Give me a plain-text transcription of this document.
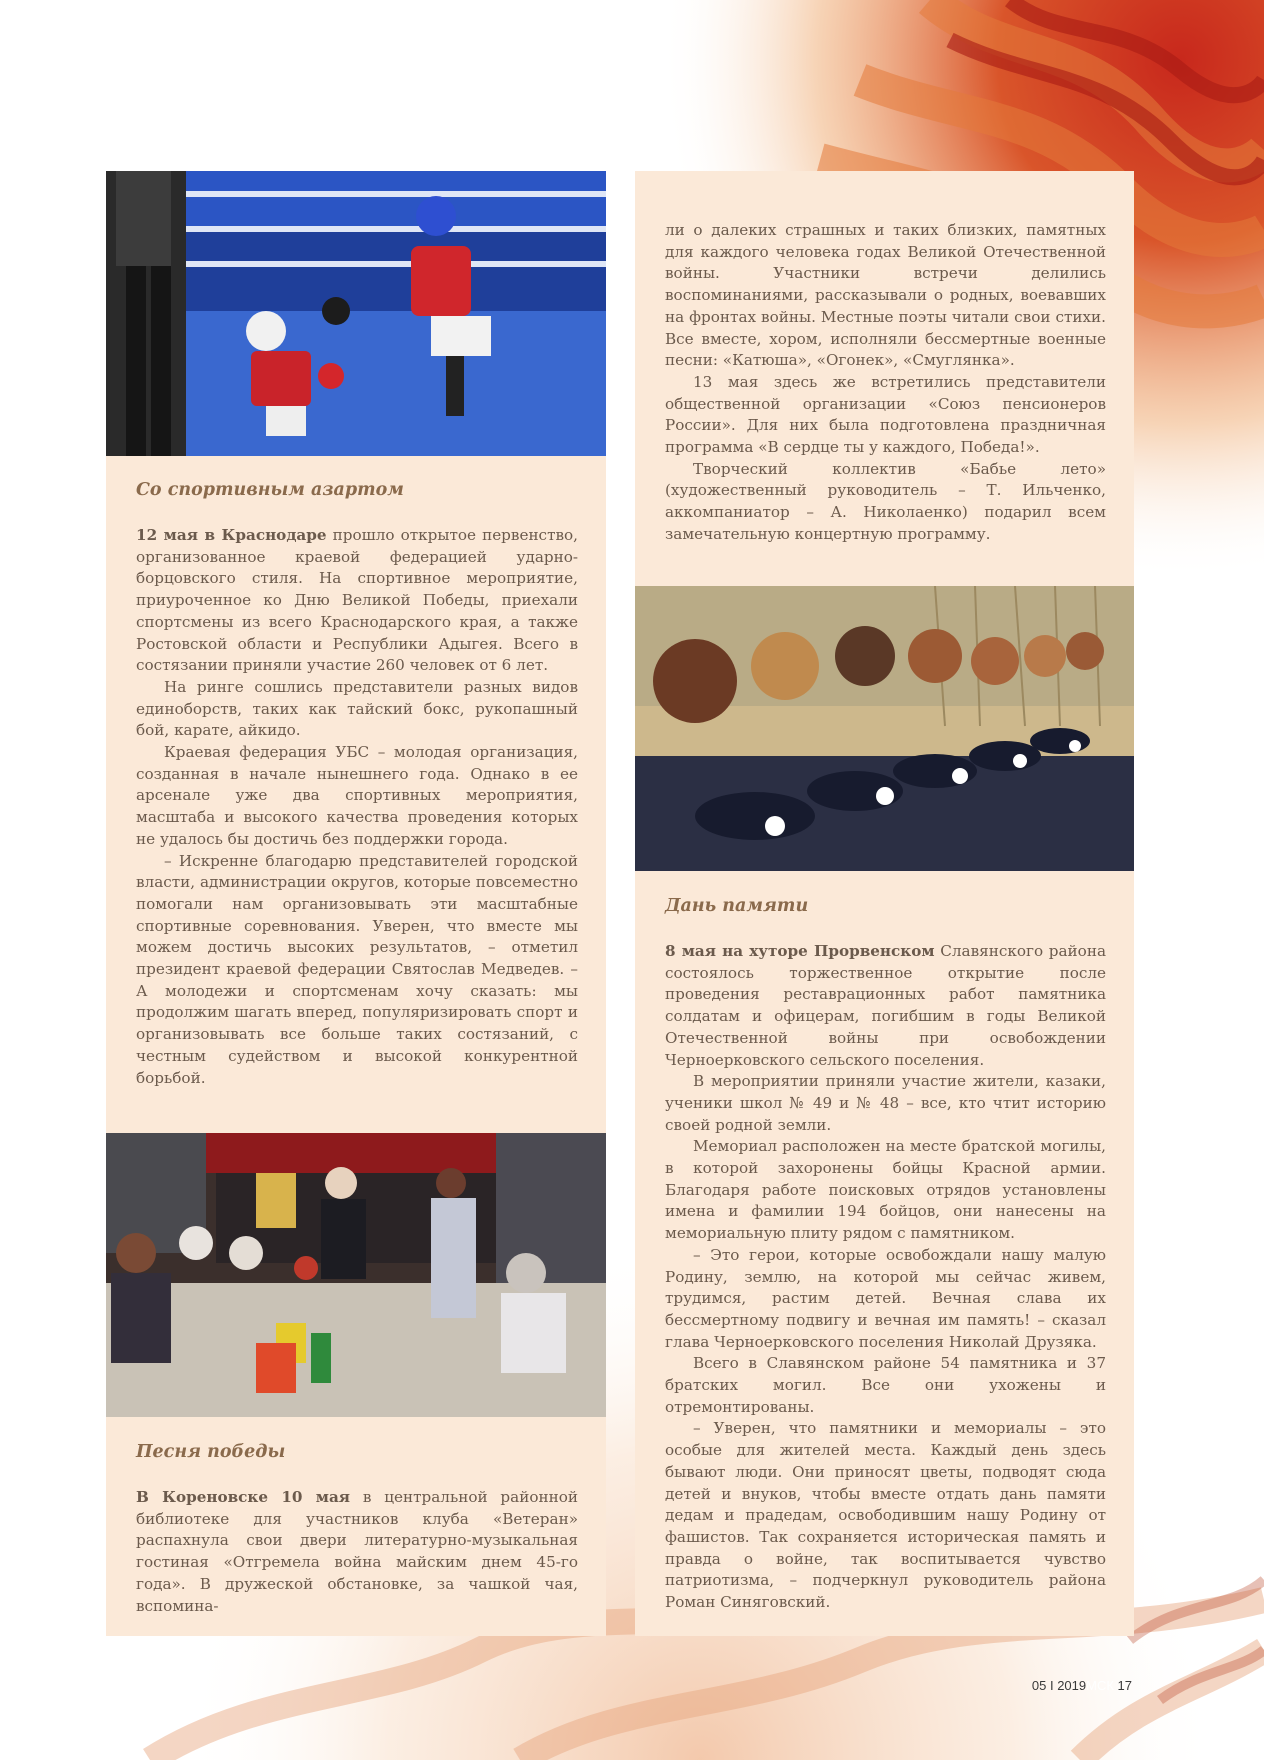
Со спортивным азартом

12 мая в Краснодаре прошло открытое первенство, организованное краевой федерацией ударно-борцовского стиля. На спортивное мероприятие, приуроченное ко Дню Великой Победы, приехали спортсмены из всего Краснодарского края, а также Ростовской области и Республики Адыгея. Всего в состязании приняли участие 260 человек от 6 лет.

На ринге сошлись представители разных видов единоборств, таких как тайский бокс, рукопашный бой, карате, айкидо.

Краевая федерация УБС – молодая организация, созданная в начале нынешнего года. Однако в ее арсенале уже два спортивных мероприятия, масштаба и высокого качества проведения которых не удалось бы достичь без поддержки города.

– Искренне благодарю представителей городской власти, администрации округов, которые повсеместно помогали нам организовывать эти масштабные спортивные соревнования. Уверен, что вместе мы можем достичь высоких результатов, – отметил президент краевой федерации Святослав Медведев. – А молодежи и спортсменам хочу сказать: мы продолжим шагать вперед, популяризировать спорт и организовывать все больше таких состязаний, с честным судейством и высокой конкурентной борьбой.

Песня победы

В Кореновске 10 мая в центральной районной библиотеке для участников клуба «Ветеран» распахнула свои двери литературно-музыкальная гостиная «Отгремела война майским днем 45-го года». В дружеской обстановке, за чашкой чая, вспомина-

ли о далеких страшных и таких близких, памятных для каждого человека годах Великой Отечественной войны. Участники встречи делились воспоминаниями, рассказывали о родных, воевавших на фронтах войны. Местные поэты читали свои стихи. Все вместе, хором, исполняли бессмертные военные песни: «Катюша», «Огонек», «Смуглянка».

13 мая здесь же встретились представители общественной организации «Союз пенсионеров России». Для них была подготовлена праздничная программа «В сердце ты у каждого, Победа!».

Творческий коллектив «Бабье лето» (художественный руководитель – Т. Ильченко, аккомпаниатор – А. Николаенко) подарил всем замечательную концертную программу.

Дань памяти

8 мая на хуторе Прорвенском Славянского района состоялось торжественное открытие после проведения реставрационных работ памятника солдатам и офицерам, погибшим в годы Великой Отечественной войны при освобождении Черноерковского сельского поселения.

В мероприятии приняли участие жители, казаки, ученики школ № 49 и № 48 – все, кто чтит историю своей родной земли.

Мемориал расположен на месте братской могилы, в которой захоронены бойцы Красной армии. Благодаря работе поисковых отрядов установлены имена и фамилии 194 бойцов, они нанесены на мемориальную плиту рядом с памятником.

– Это герои, которые освобождали нашу малую Родину, землю, на которой мы сейчас живем, трудимся, растим детей. Вечная слава их бессмертному подвигу и вечная им память! – сказал глава Черноерковского поселения Николай Друзяка.

Всего в Славянском районе 54 памятника и 37 братских могил. Все они ухожены и отремонтированы.

– Уверен, что памятники и мемориалы – это особые для жителей места. Каждый день здесь бывают люди. Они приносят цветы, подводят сюда детей и внуков, чтобы вместе отдать дань памяти дедам и прадедам, освободившим нашу Родину от фашистов. Так сохраняется историческая память и правда о войне, так воспитывается чувство патриотизма, – подчеркнул руководитель района Роман Синяговский.

05 I 2019МСК 17
